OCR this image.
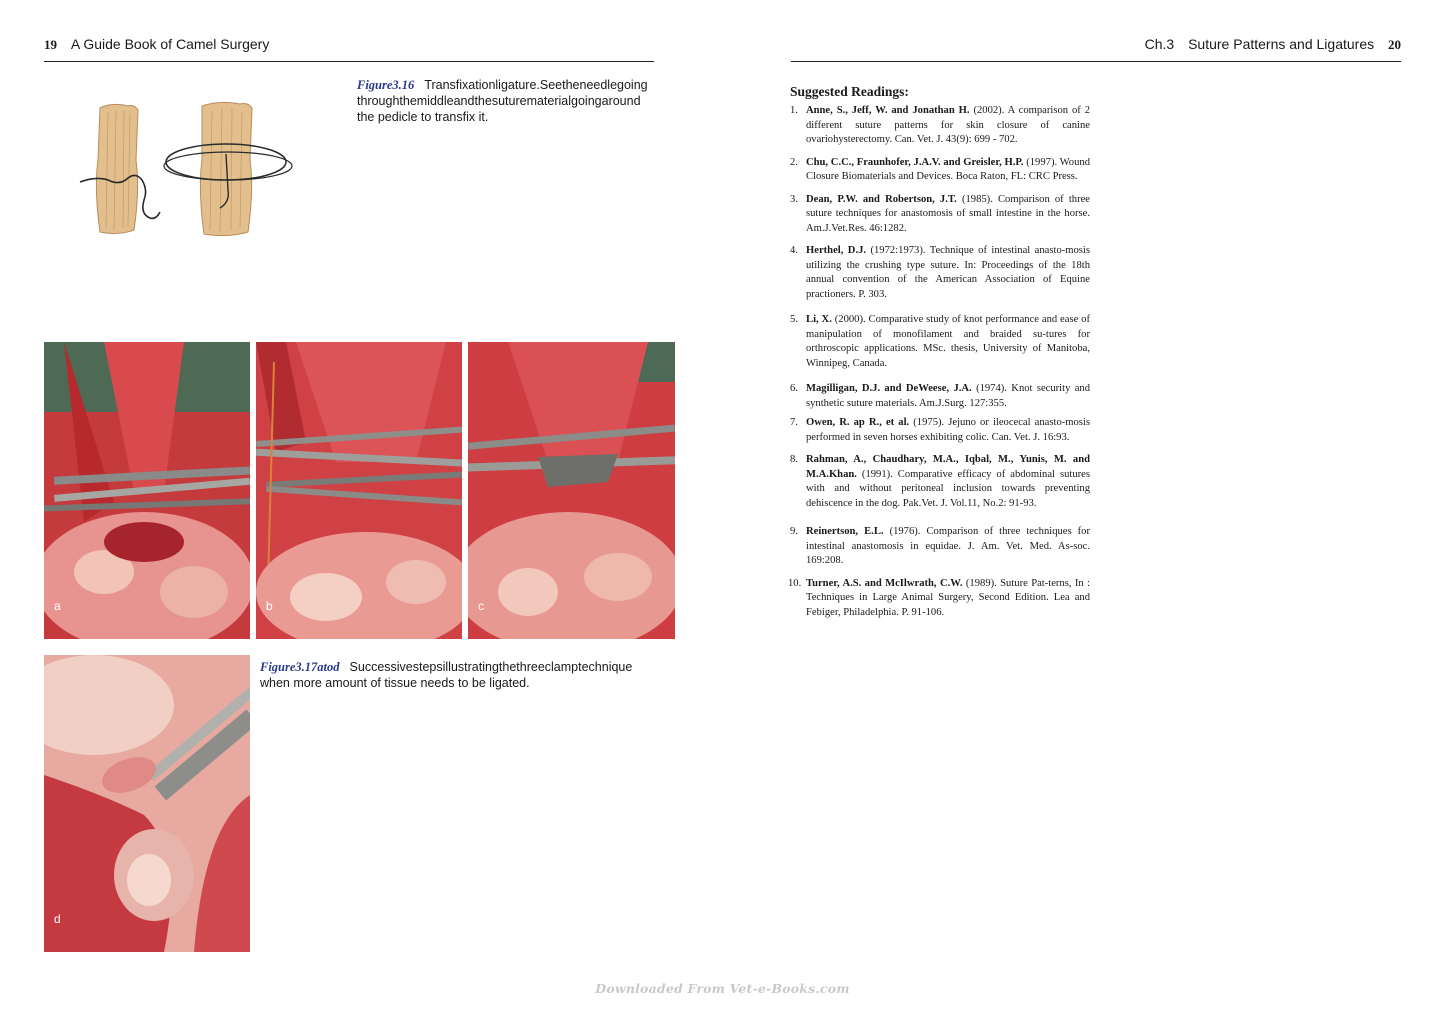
19 A Guide Book of Camel Surgery	Ch.3 Suture Patterns and Ligatures 20
Figure3.16 Transfixationligature.Seetheneedlegoing throughthemiddleandthesuturematerialgoingaround the pedicle to transfix it.
a	b	c
d
Figure3.17atod Successivestepsillustratingthethreeclamptechnique when more amount of tissue needs to be ligated.
Suggested Readings:
1. Anne, S., Jeff, W. and Jonathan H. (2002). A comparison of 2 different suture patterns for skin closure of canine ovariohysterectomy. Can. Vet. J. 43(9): 699 - 702.
2. Chu, C.C., Fraunhofer, J.A.V. and Greisler, H.P. (1997). Wound Closure Biomaterials and Devices. Boca Raton, FL: CRC Press.
3. Dean, P.W. and Robertson, J.T. (1985). Comparison of three suture techniques for anastomosis of small intestine in the horse. Am.J.Vet.Res. 46:1282.
4. Herthel, D.J. (1972:1973). Technique of intestinal anasto-mosis utilizing the crushing type suture. In: Proceedings of the 18th annual convention of the American Association of Equine practioners. P. 303.
5. Li, X. (2000). Comparative study of knot performance and ease of manipulation of monofilament and braided su-tures for orthroscopic applications. MSc. thesis, University of Manitoba, Winnipeg, Canada.
6. Magilligan, D.J. and DeWeese, J.A. (1974). Knot security and synthetic suture materials. Am.J.Surg. 127:355.
7. Owen, R. ap R., et al. (1975). Jejuno or ileocecal anasto-mosis performed in seven horses exhibiting colic. Can. Vet. J. 16:93.
8. Rahman, A., Chaudhary, M.A., Iqbal, M., Yunis, M. and M.A.Khan. (1991). Comparative efficacy of abdominal sutures with and without peritoneal inclusion towards preventing dehiscence in the dog. Pak.Vet. J. Vol.11, No.2: 91-93.
9. Reinertson, E.L. (1976). Comparison of three techniques for intestinal anastomosis in equidae. J. Am. Vet. Med. As-soc. 169:208.
10. Turner, A.S. and McIlwrath, C.W. (1989). Suture Pat-terns, In : Techniques in Large Animal Surgery, Second Edition. Lea and Febiger, Philadelphia. P. 91-106.
Downloaded From Vet-e-Books.com
